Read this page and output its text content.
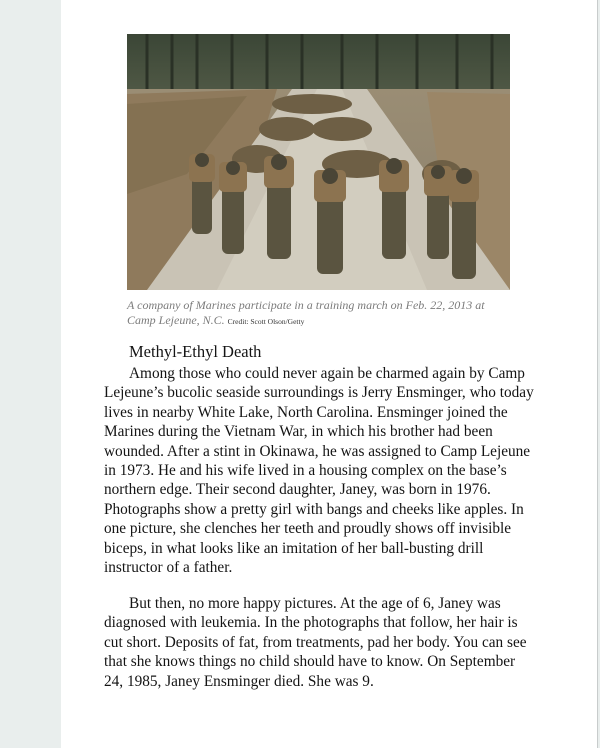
A company of Marines participate in a training march on Feb. 22, 2013 at Camp Lejeune, N.C. Credit: Scott Olson/Getty
Methyl-Ethyl Death

Among those who could never again be charmed again by Camp Lejeune’s bucolic seaside surroundings is Jerry Ensminger, who today lives in nearby White Lake, North Carolina. Ensminger joined the Marines during the Vietnam War, in which his brother had been wounded. After a stint in Okinawa, he was assigned to Camp Lejeune in 1973. He and his wife lived in a housing complex on the base’s northern edge. Their second daughter, Janey, was born in 1976. Photographs show a pretty girl with bangs and cheeks like apples. In one picture, she clenches her teeth and proudly shows off invisible biceps, in what looks like an imitation of her ball-busting drill instructor of a father.

But then, no more happy pictures. At the age of 6, Janey was diagnosed with leukemia. In the photographs that follow, her hair is cut short. Deposits of fat, from treatments, pad her body. You can see that she knows things no child should have to know. On September 24, 1985, Janey Ensminger died. She was 9.
